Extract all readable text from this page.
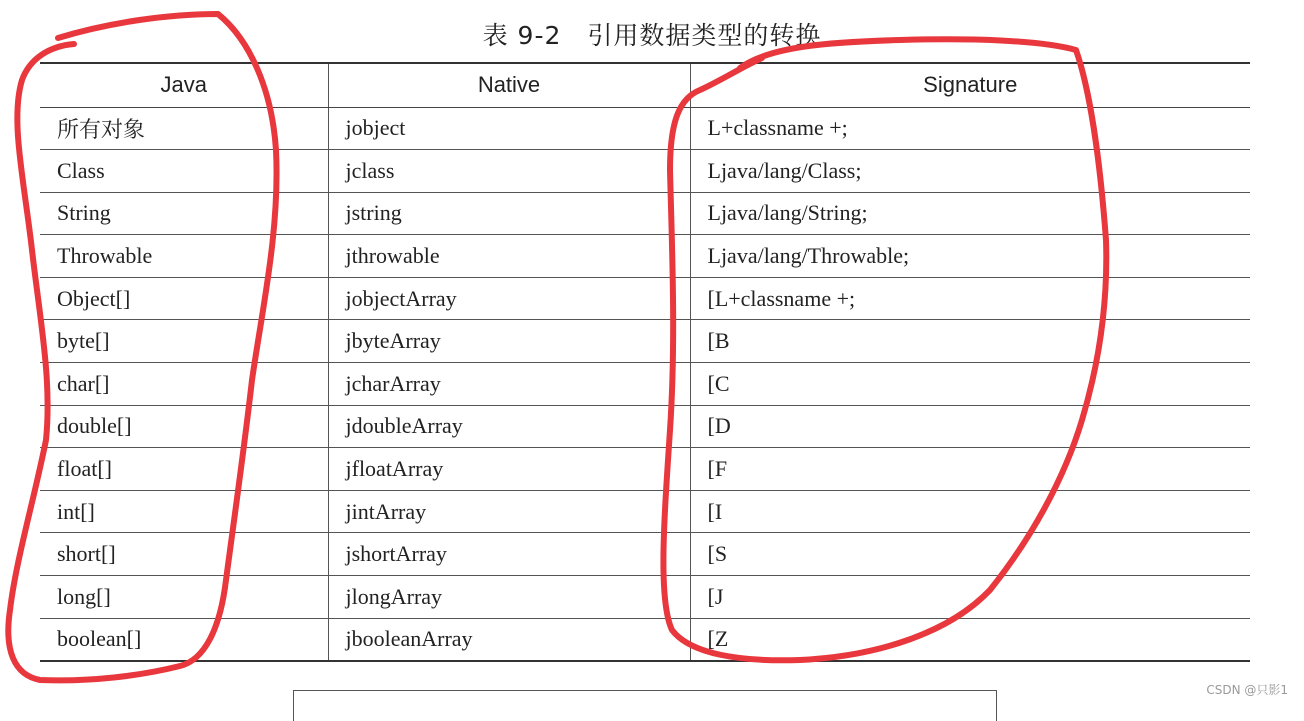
表 9-2　引用数据类型的转换
Java	Native	Signature
所有对象	jobject	L+classname +;
Class	jclass	Ljava/lang/Class;
String	jstring	Ljava/lang/String;
Throwable	jthrowable	Ljava/lang/Throwable;
Object[]	jobjectArray	[L+classname +;
byte[]	jbyteArray	[B
char[]	jcharArray	[C
double[]	jdoubleArray	[D
float[]	jfloatArray	[F
int[]	jintArray	[I
short[]	jshortArray	[S
long[]	jlongArray	[J
boolean[]	jbooleanArray	[Z
CSDN @只影1
